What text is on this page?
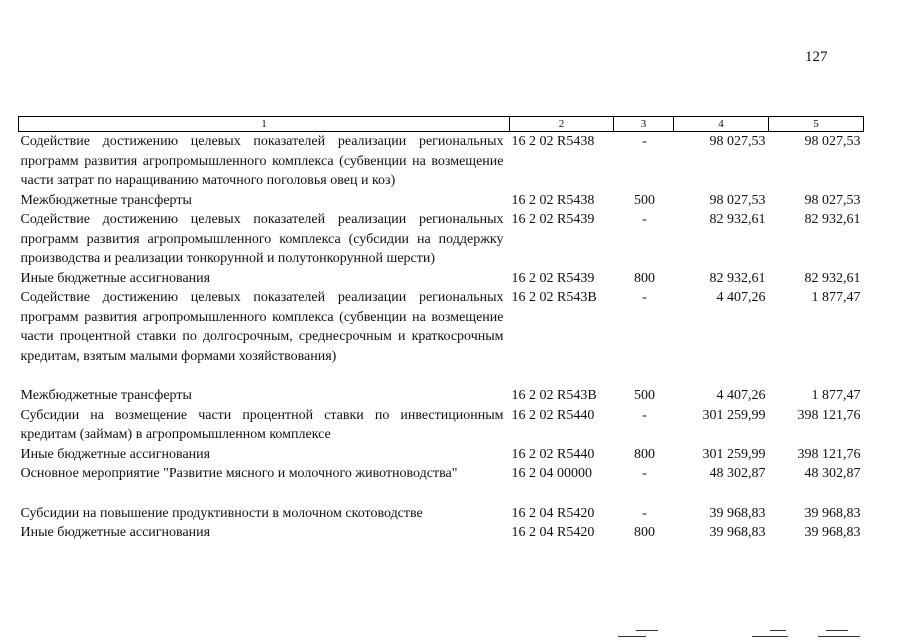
127
1	2	3	4	5
Содействие достижению целевых показателей реализации региональных программ развития агропромышленного комплекса (субвенции на возмещение части затрат по наращиванию маточного поголовья овец и коз)	16 2 02 R5438	-	98 027,53	98 027,53
Межбюджетные трансферты	16 2 02 R5438	500	98 027,53	98 027,53
Содействие достижению целевых показателей реализации региональных программ развития агропромышленного комплекса (субсидии на поддержку производства и реализации тонкорунной и полутонкорунной шерсти)	16 2 02 R5439	-	82 932,61	82 932,61
Иные бюджетные ассигнования	16 2 02 R5439	800	82 932,61	82 932,61
Содействие достижению целевых показателей реализации региональных программ развития агропромышленного комплекса (субвенции на возмещение части процентной ставки по долгосрочным, среднесрочным и краткосрочным кредитам, взятым малыми формами хозяйствования)	16 2 02 R543B	-	4 407,26	1 877,47

Межбюджетные трансферты	16 2 02 R543B	500	4 407,26	1 877,47
Субсидии на возмещение части процентной ставки по инвестиционным кредитам (займам) в агропромышленном комплексе	16 2 02 R5440	-	301 259,99	398 121,76
Иные бюджетные ассигнования	16 2 02 R5440	800	301 259,99	398 121,76
Основное мероприятие "Развитие мясного и молочного животноводства"	16 2 04 00000	-	48 302,87	48 302,87

Субсидии на повышение продуктивности в молочном скотоводстве	16 2 04 R5420	-	39 968,83	39 968,83
Иные бюджетные ассигнования	16 2 04 R5420	800	39 968,83	39 968,83
